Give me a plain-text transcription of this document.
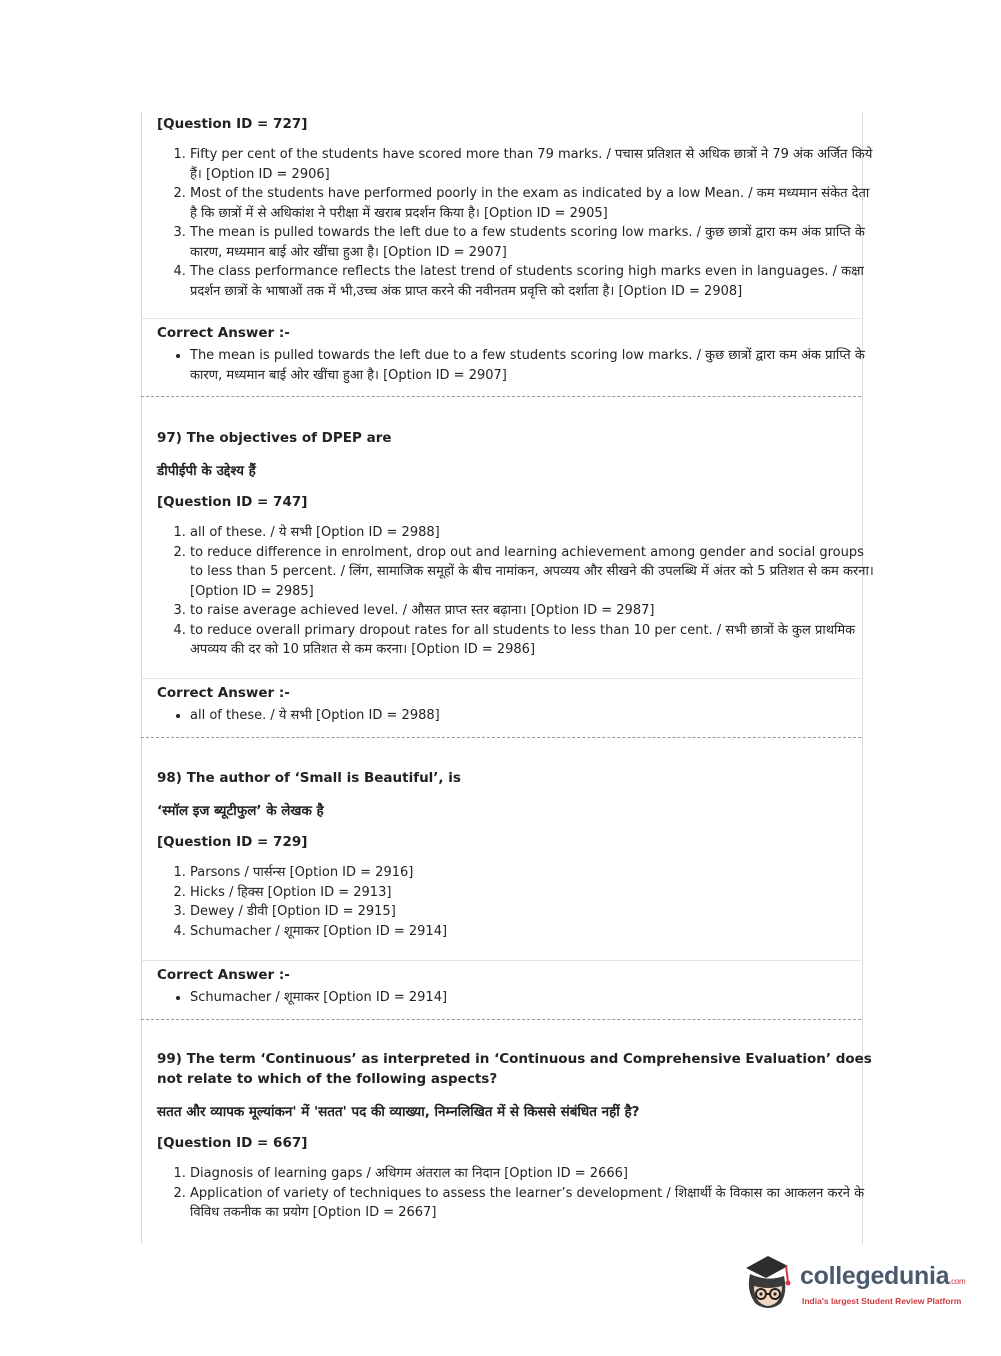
[Question ID = 727]
1. Fifty per cent of the students have scored more than 79 marks. / पचास प्रतिशत से अधिक छात्रों ने 79 अंक अर्जित किये हैं। [Option ID = 2906]
2. Most of the students have performed poorly in the exam as indicated by a low Mean. / कम मध्यमान संकेत देता है कि छात्रों में से अधिकांश ने परीक्षा में खराब प्रदर्शन किया है। [Option ID = 2905]
3. The mean is pulled towards the left due to a few students scoring low marks. / कुछ छात्रों द्वारा कम अंक प्राप्ति के कारण, मध्यमान बाई ओर खींचा हुआ है। [Option ID = 2907]
4. The class performance reflects the latest trend of students scoring high marks even in languages. / कक्षा प्रदर्शन छात्रों के भाषाओं तक में भी,उच्च अंक प्राप्त करने की नवीनतम प्रवृत्ति को दर्शाता है। [Option ID = 2908]
Correct Answer :-
• The mean is pulled towards the left due to a few students scoring low marks. / कुछ छात्रों द्वारा कम अंक प्राप्ति के कारण, मध्यमान बाई ओर खींचा हुआ है। [Option ID = 2907]
97) The objectives of DPEP are
डीपीईपी के उद्देश्य हैं
[Question ID = 747]
1. all of these. / ये सभी [Option ID = 2988]
2. to reduce difference in enrolment, drop out and learning achievement among gender and social groups to less than 5 percent. / लिंग, सामाजिक समूहों के बीच नामांकन, अपव्यय और सीखने की उपलब्धि में अंतर को 5 प्रतिशत से कम करना। [Option ID = 2985]
3. to raise average achieved level. / औसत प्राप्त स्तर बढ़ाना। [Option ID = 2987]
4. to reduce overall primary dropout rates for all students to less than 10 per cent. / सभी छात्रों के कुल प्राथमिक अपव्यय की दर को 10 प्रतिशत से कम करना। [Option ID = 2986]
Correct Answer :-
• all of these. / ये सभी [Option ID = 2988]
98) The author of ‘Small is Beautiful’, is
‘स्मॉल इज ब्यूटीफुल’ के लेखक है
[Question ID = 729]
1. Parsons / पार्सन्स [Option ID = 2916]
2. Hicks / हिक्स [Option ID = 2913]
3. Dewey / डीवी [Option ID = 2915]
4. Schumacher / शूमाकर [Option ID = 2914]
Correct Answer :-
• Schumacher / शूमाकर [Option ID = 2914]
99) The term ‘Continuous’ as interpreted in ‘Continuous and Comprehensive Evaluation’ does not relate to which of the following aspects?
सतत और व्यापक मूल्यांकन' में 'सतत' पद की व्याख्या, निम्नलिखित में से किससे संबंधित नहीं है?
[Question ID = 667]
1. Diagnosis of learning gaps / अधिगम अंतराल का निदान [Option ID = 2666]
2. Application of variety of techniques to assess the learner’s development / शिक्षार्थी के विकास का आकलन करने के विविध तकनीक का प्रयोग [Option ID = 2667]
collegedunia.com
India's largest Student Review Platform
